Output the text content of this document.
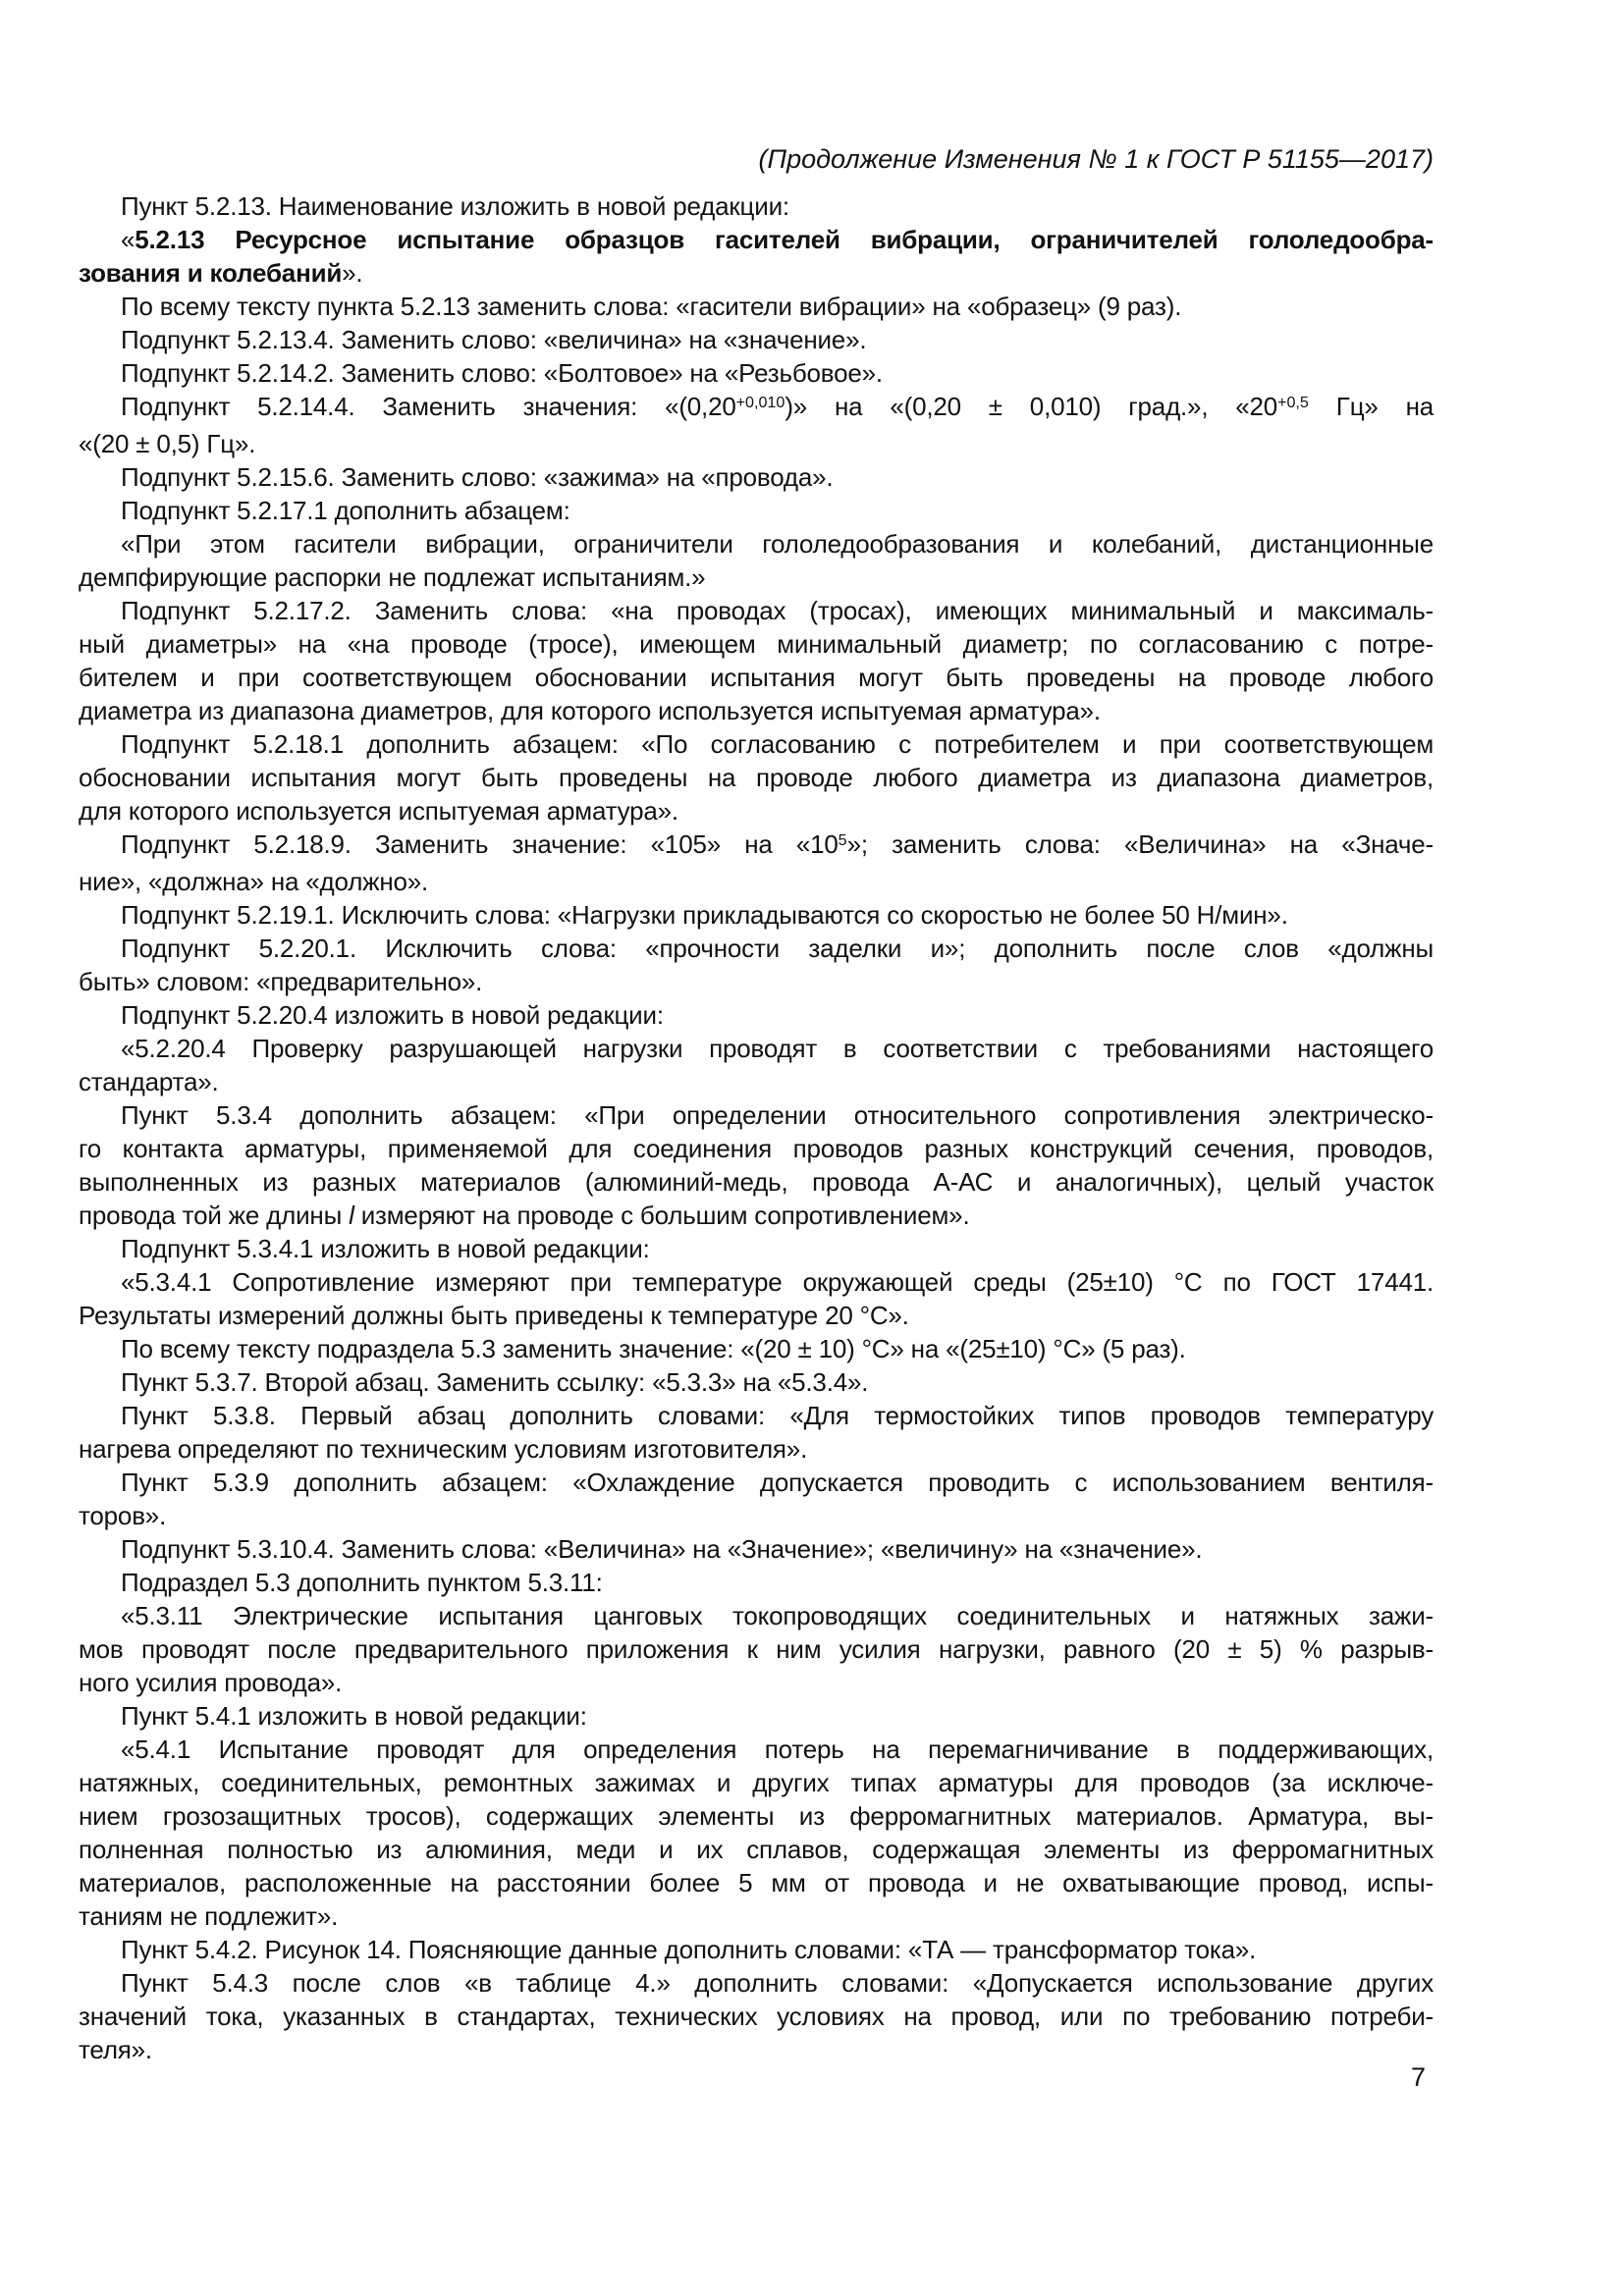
(Продолжение Изменения № 1 к ГОСТ Р 51155—2017)
Пункт 5.2.13. Наименование изложить в новой редакции:
«5.2.13 Ресурсное испытание образцов гасителей вибрации, ограничителей гололедообра-
зования и колебаний».
По всему тексту пункта 5.2.13 заменить слова: «гасители вибрации» на «образец» (9 раз).
Подпункт 5.2.13.4. Заменить слово: «величина» на «значение».
Подпункт 5.2.14.2. Заменить слово: «Болтовое» на «Резьбовое».
Подпункт 5.2.14.4. Заменить значения: «$(0,20^{+0,010})$» на «(0,20 ± 0,010) град.», «$20^{+0,5}$ Гц» на
«(20 ± 0,5) Гц».
Подпункт 5.2.15.6. Заменить слово: «зажима» на «провода».
Подпункт 5.2.17.1 дополнить абзацем:
«При этом гасители вибрации, ограничители гололедообразования и колебаний, дистанционные
демпфирующие распорки не подлежат испытаниям.»
Подпункт 5.2.17.2. Заменить слова: «на проводах (тросах), имеющих минимальный и максималь-
ный диаметры» на «на проводе (тросе), имеющем минимальный диаметр; по согласованию с потре-
бителем и при соответствующем обосновании испытания могут быть проведены на проводе любого
диаметра из диапазона диаметров, для которого используется испытуемая арматура».
Подпункт 5.2.18.1 дополнить абзацем: «По согласованию с потребителем и при соответствующем
обосновании испытания могут быть проведены на проводе любого диаметра из диапазона диаметров,
для которого используется испытуемая арматура».
Подпункт 5.2.18.9. Заменить значение: «105» на «$10^5$»; заменить слова: «Величина» на «Значе-
ние», «должна» на «должно».
Подпункт 5.2.19.1. Исключить слова: «Нагрузки прикладываются со скоростью не более 50 Н/мин».
Подпункт 5.2.20.1. Исключить слова: «прочности заделки и»; дополнить после слов «должны
быть» словом: «предварительно».
Подпункт 5.2.20.4 изложить в новой редакции:
«5.2.20.4 Проверку разрушающей нагрузки проводят в соответствии с требованиями настоящего
стандарта».
Пункт 5.3.4 дополнить абзацем: «При определении относительного сопротивления электрическо-
го контакта арматуры, применяемой для соединения проводов разных конструкций сечения, проводов,
выполненных из разных материалов (алюминий-медь, провода А-АС и аналогичных), целый участок
провода той же длины l измеряют на проводе с большим сопротивлением».
Подпункт 5.3.4.1 изложить в новой редакции:
«5.3.4.1 Сопротивление измеряют при температуре окружающей среды (25±10) °С по ГОСТ 17441.
Результаты измерений должны быть приведены к температуре 20 °С».
По всему тексту подраздела 5.3 заменить значение: «(20 ± 10) °С» на «(25±10) °С» (5 раз).
Пункт 5.3.7. Второй абзац. Заменить ссылку: «5.3.3» на «5.3.4».
Пункт 5.3.8. Первый абзац дополнить словами: «Для термостойких типов проводов температуру
нагрева определяют по техническим условиям изготовителя».
Пункт 5.3.9 дополнить абзацем: «Охлаждение допускается проводить с использованием вентиля-
торов».
Подпункт 5.3.10.4. Заменить слова: «Величина» на «Значение»; «величину» на «значение».
Подраздел 5.3 дополнить пунктом 5.3.11:
«5.3.11 Электрические испытания цанговых токопроводящих соединительных и натяжных зажи-
мов проводят после предварительного приложения к ним усилия нагрузки, равного (20 ± 5) % разрыв-
ного усилия провода».
Пункт 5.4.1 изложить в новой редакции:
«5.4.1 Испытание проводят для определения потерь на перемагничивание в поддерживающих,
натяжных, соединительных, ремонтных зажимах и других типах арматуры для проводов (за исключе-
нием грозозащитных тросов), содержащих элементы из ферромагнитных материалов. Арматура, вы-
полненная полностью из алюминия, меди и их сплавов, содержащая элементы из ферромагнитных
материалов, расположенные на расстоянии более 5 мм от провода и не охватывающие провод, испы-
таниям не подлежит».
Пункт 5.4.2. Рисунок 14. Поясняющие данные дополнить словами: «ТА — трансформатор тока».
Пункт 5.4.3 после слов «в таблице 4.» дополнить словами: «Допускается использование других
значений тока, указанных в стандартах, технических условиях на провод, или по требованию потреби-
теля».
7
